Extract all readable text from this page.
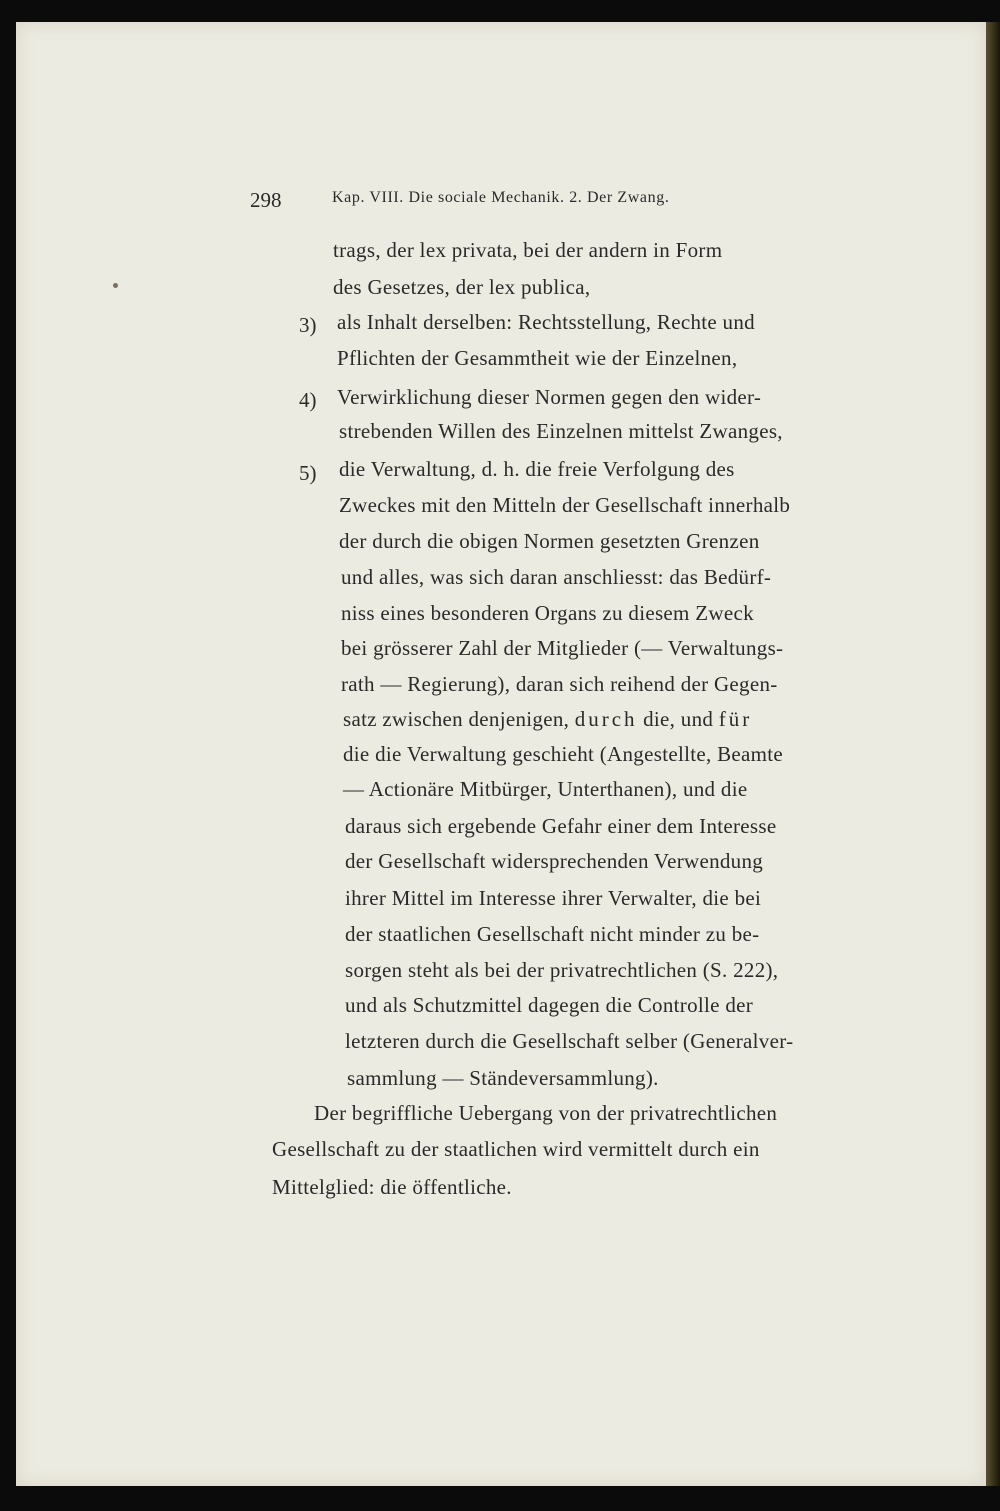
298	Kap. VIII. Die sociale Mechanik. 2. Der Zwang.
trags, der lex privata, bei der andern in Form
des Gesetzes, der lex publica,
3) als Inhalt derselben: Rechtsstellung, Rechte und
Pflichten der Gesammtheit wie der Einzelnen,
4) Verwirklichung dieser Normen gegen den wider-
strebenden Willen des Einzelnen mittelst Zwanges,
5) die Verwaltung, d. h. die freie Verfolgung des
Zweckes mit den Mitteln der Gesellschaft innerhalb
der durch die obigen Normen gesetzten Grenzen
und alles, was sich daran anschliesst: das Bedürf-
niss eines besonderen Organs zu diesem Zweck
bei grösserer Zahl der Mitglieder (— Verwaltungs-
rath — Regierung), daran sich reihend der Gegen-
satz zwischen denjenigen, durch die, und für
die die Verwaltung geschieht (Angestellte, Beamte
— Actionäre Mitbürger, Unterthanen), und die
daraus sich ergebende Gefahr einer dem Interesse
der Gesellschaft widersprechenden Verwendung
ihrer Mittel im Interesse ihrer Verwalter, die bei
der staatlichen Gesellschaft nicht minder zu be-
sorgen steht als bei der privatrechtlichen (S. 222),
und als Schutzmittel dagegen die Controlle der
letzteren durch die Gesellschaft selber (Generalver-
sammlung — Ständeversammlung).
Der begriffliche Uebergang von der privatrechtlichen
Gesellschaft zu der staatlichen wird vermittelt durch ein
Mittelglied: die öffentliche.
